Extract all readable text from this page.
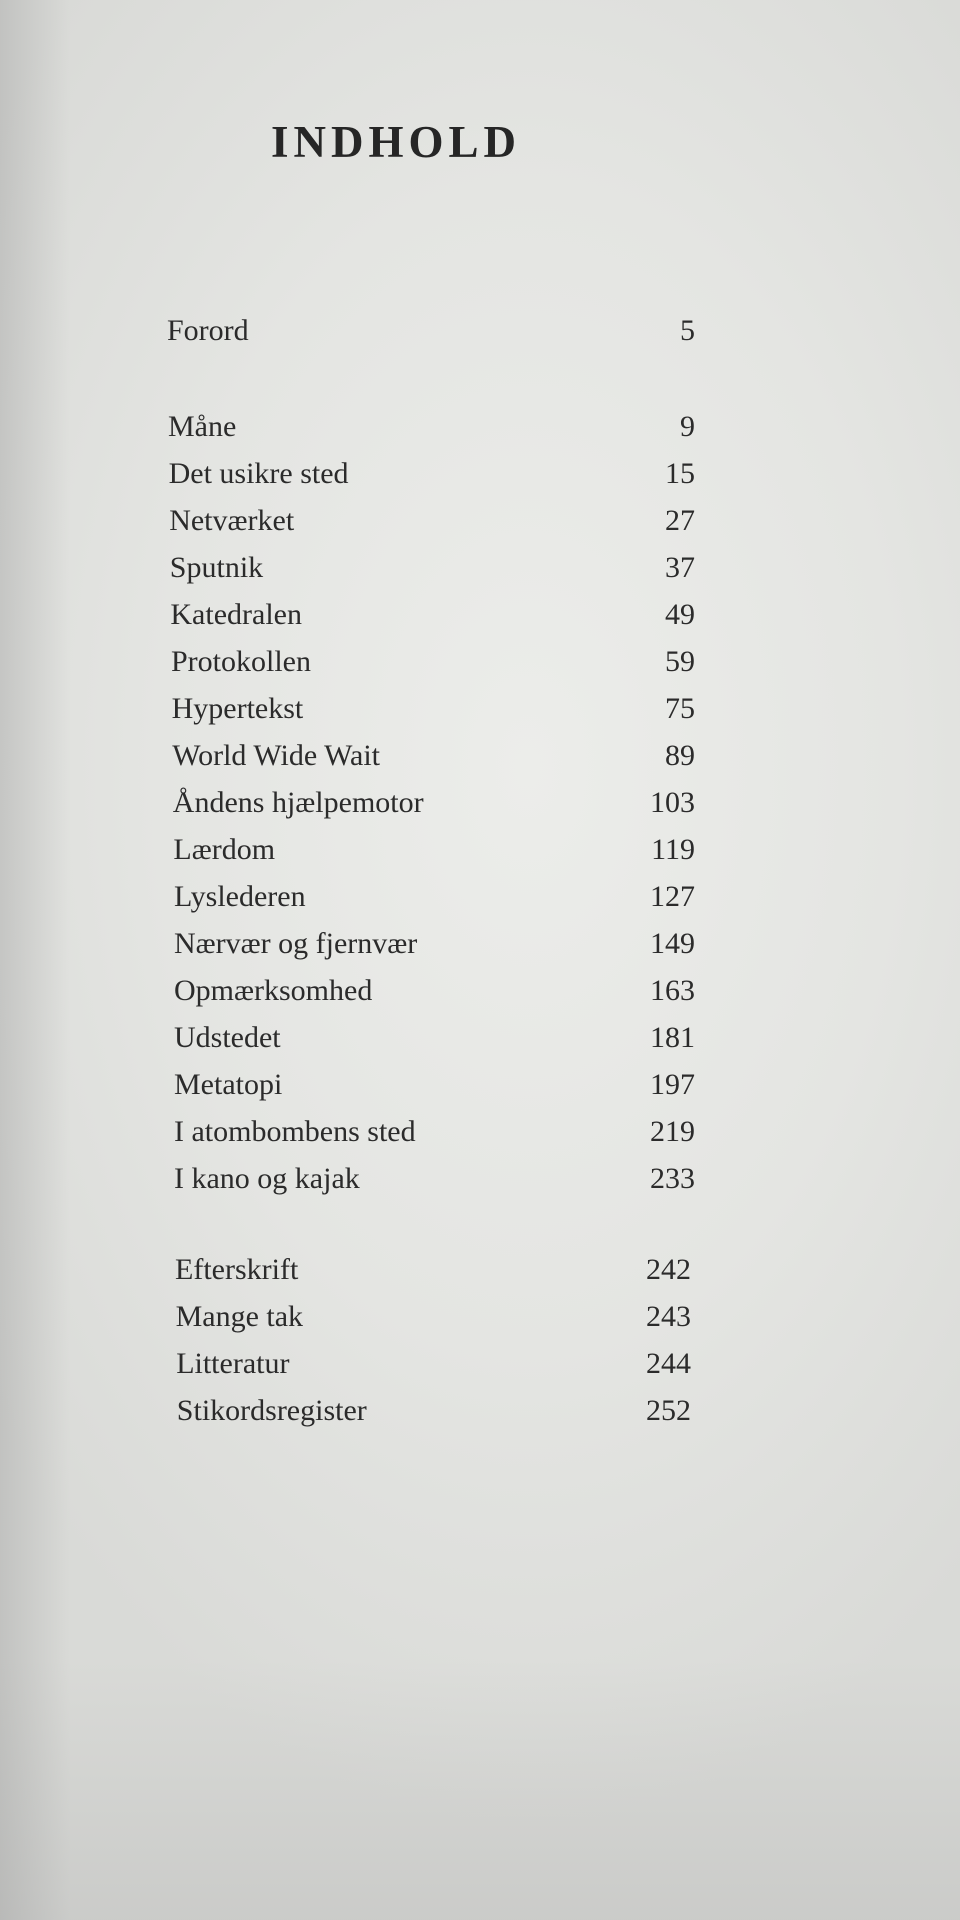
INDHOLD
Forord	5
Måne	9
Det usikre sted	15
Netværket	27
Sputnik	37
Katedralen	49
Protokollen	59
Hypertekst	75
World Wide Wait	89
Åndens hjælpemotor	103
Lærdom	119
Lyslederen	127
Nærvær og fjernvær	149
Opmærksomhed	163
Udstedet	181
Metatopi	197
I atombombens sted	219
I kano og kajak	233
Efterskrift	242
Mange tak	243
Litteratur	244
Stikordsregister	252
